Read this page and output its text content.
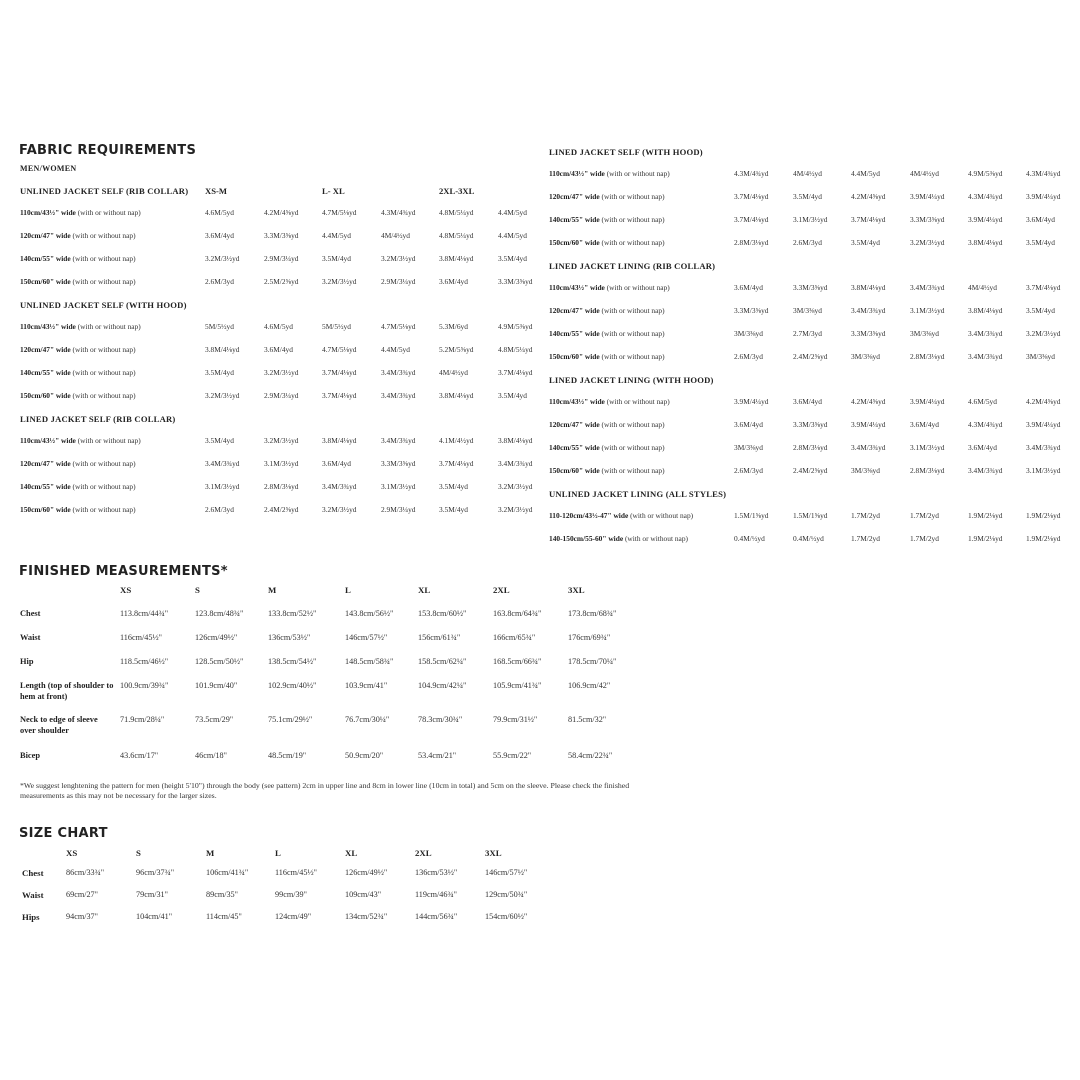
FABRIC REQUIREMENTS
MEN/WOMEN
XS-M	L- XL	2XL-3XL
UNLINED JACKET SELF (RIB COLLAR)
110cm/43½" wide (with or without nap)	4.6M/5yd	4.2M/4⅝yd	4.7M/5⅛yd	4.3M/4¾yd	4.8M/5¼yd	4.4M/5yd
120cm/47" wide (with or without nap)	3.6M/4yd	3.3M/3⅝yd	4.4M/5yd	4M/4½yd	4.8M/5¼yd	4.4M/5yd
140cm/55" wide (with or without nap)	3.2M/3½yd	2.9M/3¼yd	3.5M/4yd	3.2M/3½yd	3.8M/4⅛yd	3.5M/4yd
150cm/60" wide (with or without nap)	2.6M/3yd	2.5M/2⅝yd	3.2M/3½yd	2.9M/3¼yd	3.6M/4yd	3.3M/3⅝yd
UNLINED JACKET SELF (WITH HOOD)
110cm/43½" wide (with or without nap)	5M/5½yd	4.6M/5yd	5M/5½yd	4.7M/5⅛yd	5.3M/6yd	4.9M/5⅜yd
120cm/47" wide (with or without nap)	3.8M/4⅛yd	3.6M/4yd	4.7M/5⅛yd	4.4M/5yd	5.2M/5⅝yd	4.8M/5¼yd
140cm/55" wide (with or without nap)	3.5M/4yd	3.2M/3½yd	3.7M/4⅛yd	3.4M/3¾yd	4M/4½yd	3.7M/4⅛yd
150cm/60" wide (with or without nap)	3.2M/3½yd	2.9M/3¼yd	3.7M/4⅛yd	3.4M/3¾yd	3.8M/4⅛yd	3.5M/4yd
LINED JACKET SELF (RIB COLLAR)
110cm/43½" wide (with or without nap)	3.5M/4yd	3.2M/3½yd	3.8M/4⅛yd	3.4M/3¾yd	4.1M/4½yd	3.8M/4⅛yd
120cm/47" wide (with or without nap)	3.4M/3¾yd	3.1M/3½yd	3.6M/4yd	3.3M/3⅝yd	3.7M/4⅛yd	3.4M/3¾yd
140cm/55" wide (with or without nap)	3.1M/3½yd	2.8M/3⅛yd	3.4M/3¾yd	3.1M/3½yd	3.5M/4yd	3.2M/3½yd
150cm/60" wide (with or without nap)	2.6M/3yd	2.4M/2⅝yd	3.2M/3½yd	2.9M/3¼yd	3.5M/4yd	3.2M/3½yd
LINED JACKET SELF (WITH HOOD)
110cm/43½" wide (with or without nap)	4.3M/4¾yd	4M/4½yd	4.4M/5yd	4M/4½yd	4.9M/5⅜yd	4.3M/4¾yd
120cm/47" wide (with or without nap)	3.7M/4⅛yd	3.5M/4yd	4.2M/4⅝yd	3.9M/4¼yd	4.3M/4¾yd	3.9M/4¼yd
140cm/55" wide (with or without nap)	3.7M/4⅛yd	3.1M/3½yd	3.7M/4⅛yd	3.3M/3⅝yd	3.9M/4¼yd	3.6M/4yd
150cm/60" wide (with or without nap)	2.8M/3⅛yd	2.6M/3yd	3.5M/4yd	3.2M/3½yd	3.8M/4⅛yd	3.5M/4yd
LINED JACKET LINING (RIB COLLAR)
110cm/43½" wide (with or without nap)	3.6M/4yd	3.3M/3⅝yd	3.8M/4⅛yd	3.4M/3¾yd	4M/4½yd	3.7M/4⅛yd
120cm/47" wide (with or without nap)	3.3M/3⅝yd	3M/3⅜yd	3.4M/3¾yd	3.1M/3½yd	3.8M/4⅛yd	3.5M/4yd
140cm/55" wide (with or without nap)	3M/3⅜yd	2.7M/3yd	3.3M/3⅝yd	3M/3⅜yd	3.4M/3¾yd	3.2M/3½yd
150cm/60" wide (with or without nap)	2.6M/3yd	2.4M/2⅝yd	3M/3⅜yd	2.8M/3⅛yd	3.4M/3¾yd	3M/3⅜yd
LINED JACKET LINING (WITH HOOD)
110cm/43½" wide (with or without nap)	3.9M/4¼yd	3.6M/4yd	4.2M/4⅝yd	3.9M/4¼yd	4.6M/5yd	4.2M/4⅝yd
120cm/47" wide (with or without nap)	3.6M/4yd	3.3M/3⅝yd	3.9M/4¼yd	3.6M/4yd	4.3M/4¾yd	3.9M/4¼yd
140cm/55" wide (with or without nap)	3M/3⅜yd	2.8M/3⅛yd	3.4M/3¾yd	3.1M/3½yd	3.6M/4yd	3.4M/3¾yd
150cm/60" wide (with or without nap)	2.6M/3yd	2.4M/2⅝yd	3M/3⅜yd	2.8M/3⅛yd	3.4M/3¾yd	3.1M/3½yd
UNLINED JACKET LINING (ALL STYLES)
110-120cm/43½-47" wide (with or without nap)	1.5M/1⅝yd	1.5M/1⅝yd	1.7M/2yd	1.7M/2yd	1.9M/2⅛yd	1.9M/2⅛yd
140-150cm/55-60" wide (with or without nap)	0.4M/½yd	0.4M/½yd	1.7M/2yd	1.7M/2yd	1.9M/2⅛yd	1.9M/2⅛yd
FINISHED MEASUREMENTS*
XS	S	M	L	XL	2XL	3XL
Chest	113.8cm/44¾"	123.8cm/48¾"	133.8cm/52½"	143.8cm/56½"	153.8cm/60½"	163.8cm/64¾"	173.8cm/68¾"
Waist	116cm/45½"	126cm/49½"	136cm/53½"	146cm/57½"	156cm/61¾"	166cm/65¾"	176cm/69¾"
Hip	118.5cm/46½"	128.5cm/50½"	138.5cm/54½"	148.5cm/58¾"	158.5cm/62¼"	168.5cm/66¾"	178.5cm/70¼"
Length (top of shoulder to hem at front)
100.9cm/39¾"	101.9cm/40"	102.9cm/40½"	103.9cm/41"	104.9cm/42¼"	105.9cm/41¾"	106.9cm/42"
Neck to edge of sleeve over shoulder
71.9cm/28¼"	73.5cm/29"	75.1cm/29½"	76.7cm/30¼"	78.3cm/30¾"	79.9cm/31½"	81.5cm/32"
Bicep	43.6cm/17"	46cm/18"	48.5cm/19"	50.9cm/20"	53.4cm/21"	55.9cm/22"	58.4cm/22¾"
*We suggest lenghtening the pattern for men (height 5'10") through the body (see pattern) 2cm in upper line and 8cm in lower line (10cm in total) and 5cm on the sleeve. Please check the finished measurements as this may not be necessary for the larger sizes.
SIZE CHART
XS	S	M	L	XL	2XL	3XL
Chest	86cm/33¾"	96cm/37¾"	106cm/41¾"	116cm/45½"	126cm/49½"	136cm/53½"	146cm/57½"
Waist	69cm/27"	79cm/31"	89cm/35"	99cm/39"	109cm/43"	119cm/46¾"	129cm/50¾"
Hips	94cm/37"	104cm/41"	114cm/45"	124cm/49"	134cm/52¾"	144cm/56¾"	154cm/60½"
